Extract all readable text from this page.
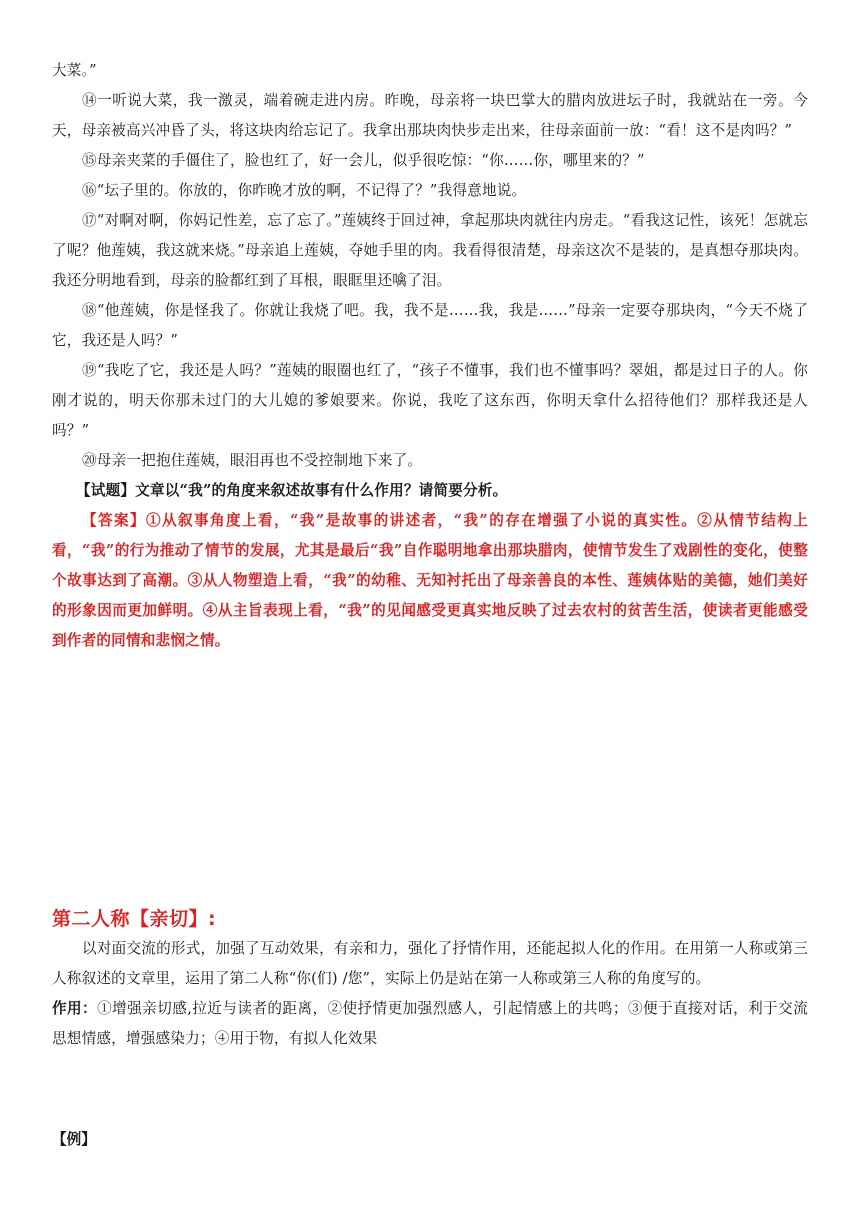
大菜。”

⑭一听说大菜，我一激灵，端着碗走进内房。昨晚，母亲将一块巴掌大的腊肉放进坛子时，我就站在一旁。今天，母亲被高兴冲昏了头，将这块肉给忘记了。我拿出那块肉快步走出来，往母亲面前一放：“看！这不是肉吗？”

⑮母亲夹菜的手僵住了，脸也红了，好一会儿，似乎很吃惊：“你……你，哪里来的？”

⑯“坛子里的。你放的，你昨晚才放的啊，不记得了？”我得意地说。

⑰“对啊对啊，你妈记性差，忘了忘了。”莲姨终于回过神，拿起那块肉就往内房走。“看我这记性，该死！怎就忘了呢？他莲姨，我这就来烧。”母亲追上莲姨，夺她手里的肉。我看得很清楚，母亲这次不是装的，是真想夺那块肉。我还分明地看到，母亲的脸都红到了耳根，眼眶里还噙了泪。

⑱“他莲姨，你是怪我了。你就让我烧了吧。我，我不是……我，我是……”母亲一定要夺那块肉，“今天不烧了它，我还是人吗？”

⑲“我吃了它，我还是人吗？”莲姨的眼圈也红了，“孩子不懂事，我们也不懂事吗？翠姐，都是过日子的人。你刚才说的，明天你那未过门的大儿媳的爹娘要来。你说，我吃了这东西，你明天拿什么招待他们？那样我还是人吗？”

⑳母亲一把抱住莲姨，眼泪再也不受控制地下来了。

【试题】文章以“我”的角度来叙述故事有什么作用？请简要分析。

【答案】①从叙事角度上看，“我”是故事的讲述者，“我”的存在增强了小说的真实性。②从情节结构上看，“我”的行为推动了情节的发展，尤其是最后“我”自作聪明地拿出那块腊肉，使情节发生了戏剧性的变化，使整个故事达到了高潮。③从人物塑造上看，“我”的幼稚、无知衬托出了母亲善良的本性、莲姨体贴的美德，她们美好的形象因而更加鲜明。④从主旨表现上看，“我”的见闻感受更真实地反映了过去农村的贫苦生活，使读者更能感受到作者的同情和悲悯之情。

第二人称【亲切】:

以对面交流的形式，加强了互动效果，有亲和力，强化了抒情作用，还能起拟人化的作用。在用第一人称或第三人称叙述的文章里，运用了第二人称“你(们) /您”，实际上仍是站在第一人称或第三人称的角度写的。

作用：①增强亲切感,拉近与读者的距离，②使抒情更加强烈感人，引起情感上的共鸣；③便于直接对话，利于交流思想情感，增强感染力；④用于物，有拟人化效果

【例】
